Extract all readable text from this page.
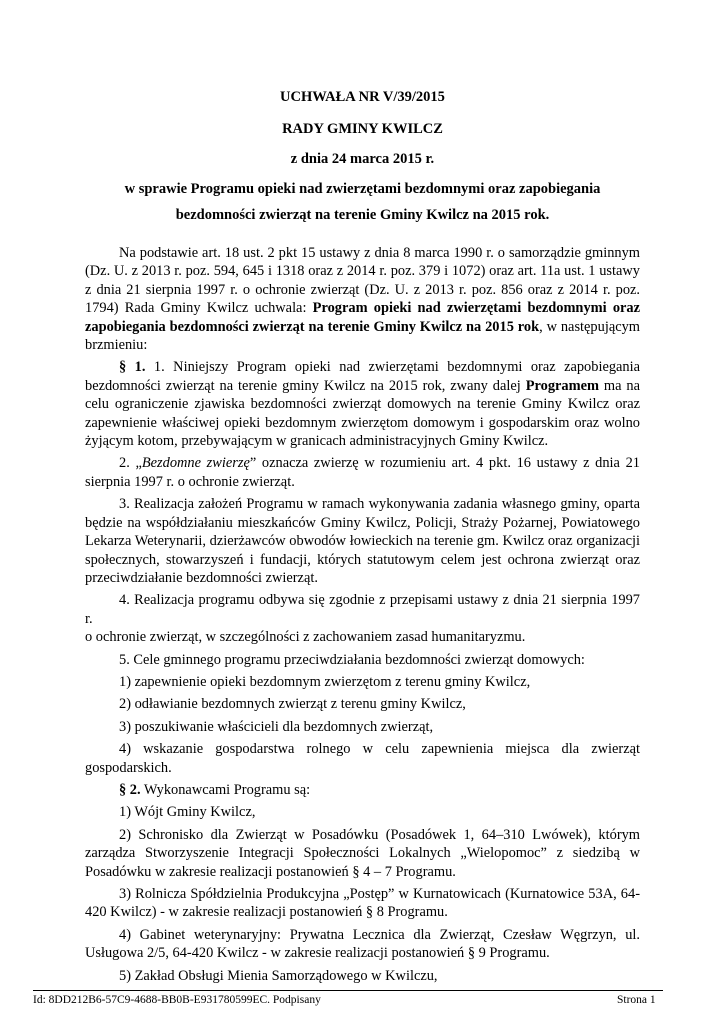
UCHWAŁA NR V/39/2015
RADY GMINY KWILCZ
z dnia 24 marca 2015 r.
w sprawie Programu opieki nad zwierzętami bezdomnymi oraz zapobiegania
bezdomności zwierząt na terenie Gminy Kwilcz na 2015 rok.

Na podstawie art. 18 ust. 2 pkt 15 ustawy z dnia 8 marca 1990 r. o samorządzie gminnym (Dz. U. z 2013 r. poz. 594, 645 i 1318 oraz z 2014 r. poz. 379 i 1072) oraz art. 11a ust. 1 ustawy z dnia 21 sierpnia 1997 r. o ochronie zwierząt (Dz. U. z 2013 r. poz. 856 oraz z 2014 r. poz. 1794) Rada Gminy Kwilcz uchwala: Program opieki nad zwierzętami bezdomnymi oraz zapobiegania bezdomności zwierząt na terenie Gminy Kwilcz na 2015 rok, w następującym brzmieniu:

§ 1. 1. Niniejszy Program opieki nad zwierzętami bezdomnymi oraz zapobiegania bezdomności zwierząt na terenie gminy Kwilcz na 2015 rok, zwany dalej Programem ma na celu ograniczenie zjawiska bezdomności zwierząt domowych na terenie Gminy Kwilcz oraz zapewnienie właściwej opieki bezdomnym zwierzętom domowym i gospodarskim oraz wolno żyjącym kotom, przebywającym w granicach administracyjnych Gminy Kwilcz.

2. „Bezdomne zwierzę” oznacza zwierzę w rozumieniu art. 4 pkt. 16 ustawy z dnia 21 sierpnia 1997 r. o ochronie zwierząt.

3. Realizacja założeń Programu w ramach wykonywania zadania własnego gminy, oparta będzie na współdziałaniu mieszkańców Gminy Kwilcz, Policji, Straży Pożarnej, Powiatowego Lekarza Weterynarii, dzierżawców obwodów łowieckich na terenie gm. Kwilcz oraz organizacji społecznych, stowarzyszeń i fundacji, których statutowym celem jest ochrona zwierząt oraz przeciwdziałanie bezdomności zwierząt.

4. Realizacja programu odbywa się zgodnie z przepisami ustawy z dnia 21 sierpnia 1997 r.

o ochronie zwierząt, w szczególności z zachowaniem zasad humanitaryzmu.

5. Cele gminnego programu przeciwdziałania bezdomności zwierząt domowych:

1) zapewnienie opieki bezdomnym zwierzętom z terenu gminy Kwilcz,

2) odławianie bezdomnych zwierząt z terenu gminy Kwilcz,

3) poszukiwanie właścicieli dla bezdomnych zwierząt,

4) wskazanie gospodarstwa rolnego w celu zapewnienia miejsca dla zwierząt gospodarskich.

§ 2. Wykonawcami Programu są:

1) Wójt Gminy Kwilcz,

2) Schronisko dla Zwierząt w Posadówku (Posadówek 1, 64–310 Lwówek), którym zarządza Stworzyszenie Integracji Społeczności Lokalnych „Wielopomoc” z siedzibą w Posadówku w zakresie realizacji postanowień § 4 – 7 Programu.

3) Rolnicza Spółdzielnia Produkcyjna „Postęp” w Kurnatowicach (Kurnatowice 53A, 64-420 Kwilcz) - w zakresie realizacji postanowień § 8 Programu.

4) Gabinet weterynaryjny: Prywatna Lecznica dla Zwierząt, Czesław Węgrzyn, ul. Usługowa 2/5, 64-420 Kwilcz - w zakresie realizacji postanowień § 9 Programu.

5) Zakład Obsługi Mienia Samorządowego w Kwilczu,

Id: 8DD212B6-57C9-4688-BB0B-E931780599EC. Podpisany	Strona 1
